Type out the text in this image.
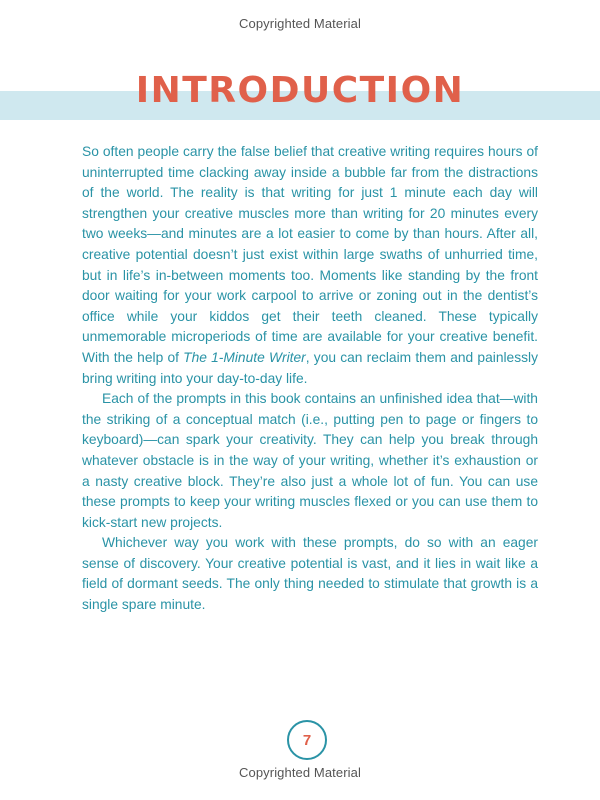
Copyrighted Material
INTRODUCTION

So often people carry the false belief that creative writing requires hours of uninterrupted time clacking away inside a bubble far from the distractions of the world. The reality is that writing for just 1 minute each day will strengthen your creative muscles more than writing for 20 minutes every two weeks—and minutes are a lot easier to come by than hours. After all, creative potential doesn’t just exist within large swaths of unhurried time, but in life’s in-between moments too. Moments like standing by the front door waiting for your work carpool to arrive or zoning out in the dentist’s office while your kiddos get their teeth cleaned. These typically unmemorable microperiods of time are available for your creative benefit. With the help of The 1-Minute Writer, you can reclaim them and painlessly bring writing into your day-to-day life.

Each of the prompts in this book contains an unfinished idea that—with the striking of a conceptual match (i.e., putting pen to page or fingers to keyboard)—can spark your creativity. They can help you break through whatever obstacle is in the way of your writing, whether it’s exhaustion or a nasty creative block. They’re also just a whole lot of fun. You can use these prompts to keep your writing muscles flexed or you can use them to kick-start new projects.

Whichever way you work with these prompts, do so with an eager sense of discovery. Your creative potential is vast, and it lies in wait like a field of dormant seeds. The only thing needed to stimulate that growth is a single spare minute.

7
Copyrighted Material
